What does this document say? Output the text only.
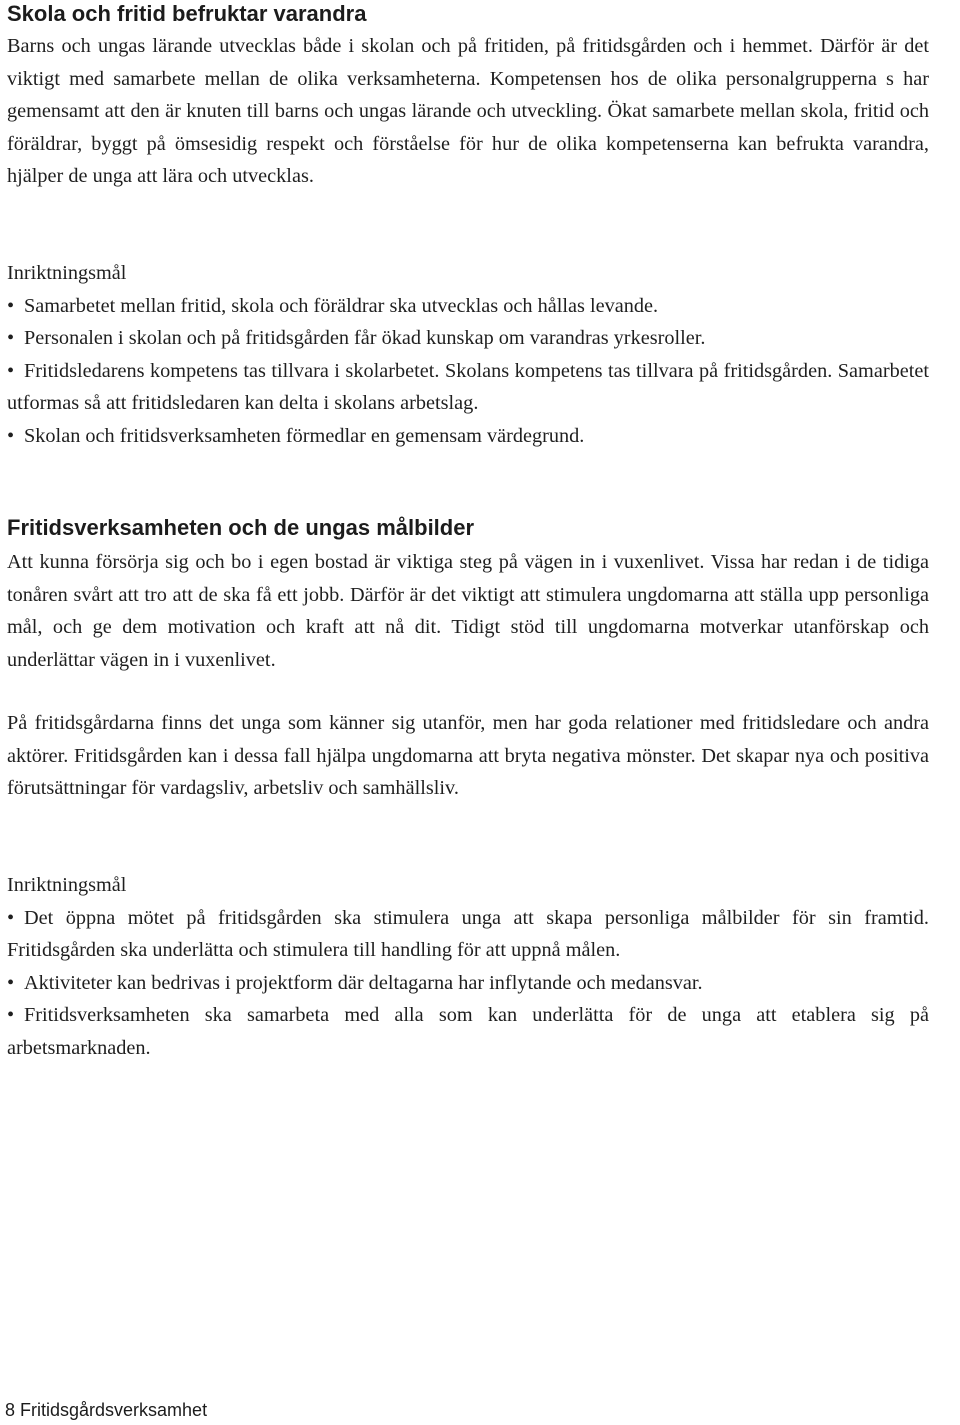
Skola och fritid befruktar varandra

Barns och ungas lärande utvecklas både i skolan och på fritiden, på fritidsgården och i hemmet. Därför är det viktigt med samarbete mellan de olika verksamheterna. Kompetensen hos de olika personalgrupperna s har gemensamt att den är knuten till barns och ungas lärande och utveckling. Ökat samarbete mellan skola, fritid och föräldrar, byggt på ömsesidig respekt och förståelse för hur de olika kompetenserna kan befrukta varandra, hjälper de unga att lära och utvecklas.

Inriktningsmål

• Samarbetet mellan fritid, skola och föräldrar ska utvecklas och hållas levande.

• Personalen i skolan och på fritidsgården får ökad kunskap om varandras yrkesroller.

• Fritidsledarens kompetens tas tillvara i skolarbetet. Skolans kompetens tas tillvara på fritidsgården. Samarbetet utformas så att fritidsledaren kan delta i skolans arbetslag.

• Skolan och fritidsverksamheten förmedlar en gemensam värdegrund.

Fritidsverksamheten och de ungas målbilder

Att kunna försörja sig och bo i egen bostad är viktiga steg på vägen in i vuxenlivet. Vissa har redan i de tidiga tonåren svårt att tro att de ska få ett jobb. Därför är det viktigt att stimulera ungdomarna att ställa upp personliga mål, och ge dem motivation och kraft att nå dit. Tidigt stöd till ungdomarna motverkar utanförskap och underlättar vägen in i vuxenlivet.

På fritidsgårdarna finns det unga som känner sig utanför, men har goda relationer med fritidsledare och andra aktörer. Fritidsgården kan i dessa fall hjälpa ungdomarna att bryta negativa mönster. Det skapar nya och positiva förutsättningar för vardagsliv, arbetsliv och samhällsliv.

Inriktningsmål

• Det öppna mötet på fritidsgården ska stimulera unga att skapa personliga målbilder för sin framtid. Fritidsgården ska underlätta och stimulera till handling för att uppnå målen.

• Aktiviteter kan bedrivas i projektform där deltagarna har inflytande och medansvar.

• Fritidsverksamheten ska samarbeta med alla som kan underlätta för de unga att etablera sig på arbetsmarknaden.

8 Fritidsgårdsverksamhet
